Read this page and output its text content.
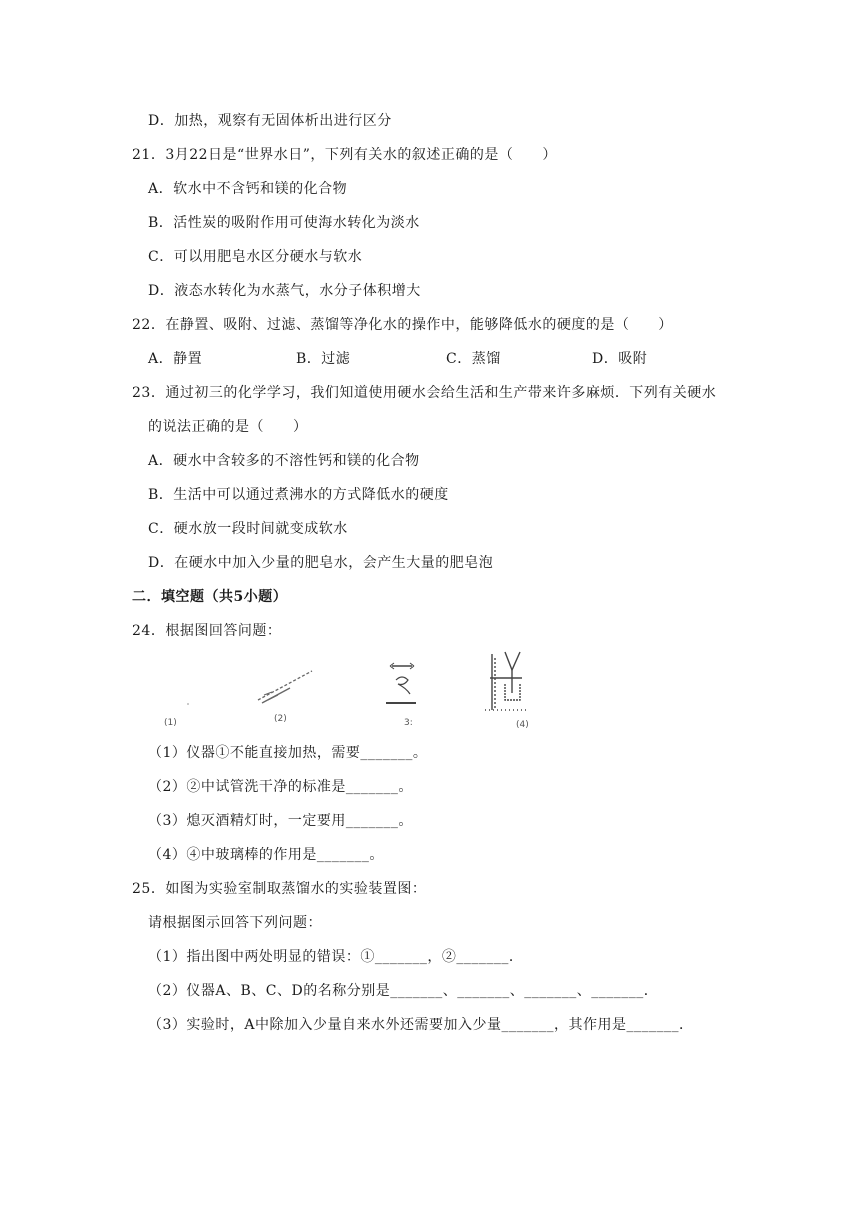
D．加热，观察有无固体析出进行区分
21．3月22日是“世界水日”，下列有关水的叙述正确的是（　　）
A．软水中不含钙和镁的化合物
B．活性炭的吸附作用可使海水转化为淡水
C．可以用肥皂水区分硬水与软水
D．液态水转化为水蒸气，水分子体积增大
22．在静置、吸附、过滤、蒸馏等净化水的操作中，能够降低水的硬度的是（　　）
A．静置	B．过滤	C．蒸馏	D．吸附
23．通过初三的化学学习，我们知道使用硬水会给生活和生产带来许多麻烦．下列有关硬水
的说法正确的是（　　）
A．硬水中含较多的不溶性钙和镁的化合物
B．生活中可以通过煮沸水的方式降低水的硬度
C．硬水放一段时间就变成软水
D．在硬水中加入少量的肥皂水，会产生大量的肥皂泡
二．填空题（共5小题）
24．根据图回答问题：
(1)	(2)	3:	(4)
（1）仪器①不能直接加热，需要_______。
（2）②中试管洗干净的标准是_______。
（3）熄灭酒精灯时，一定要用_______。
（4）④中玻璃棒的作用是_______。
25．如图为实验室制取蒸馏水的实验装置图：
请根据图示回答下列问题：
（1）指出图中两处明显的错误：①_______，②_______．
（2）仪器A、B、C、D的名称分别是_______、_______、_______、_______．
（3）实验时，A中除加入少量自来水外还需要加入少量_______，其作用是_______．
